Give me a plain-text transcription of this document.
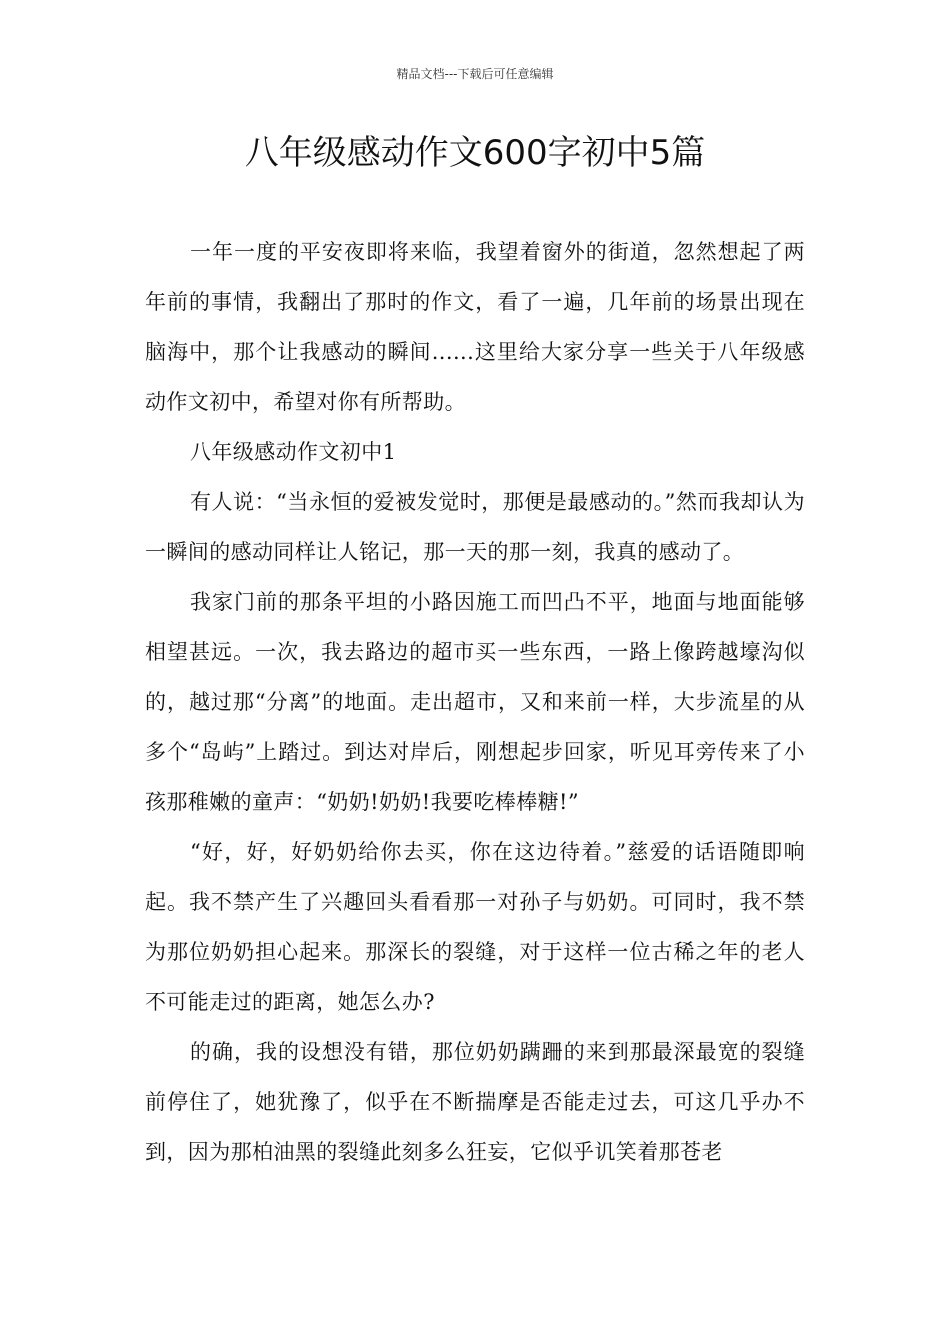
精品文档---下载后可任意编辑
八年级感动作文600字初中5篇

一年一度的平安夜即将来临，我望着窗外的街道，忽然想起了两年前的事情，我翻出了那时的作文，看了一遍，几年前的场景出现在脑海中，那个让我感动的瞬间......这里给大家分享一些关于八年级感动作文初中，希望对你有所帮助。

八年级感动作文初中1

有人说：“当永恒的爱被发觉时，那便是最感动的。”然而我却认为一瞬间的感动同样让人铭记，那一天的那一刻，我真的感动了。

我家门前的那条平坦的小路因施工而凹凸不平，地面与地面能够相望甚远。一次，我去路边的超市买一些东西，一路上像跨越壕沟似的，越过那“分离”的地面。走出超市，又和来前一样，大步流星的从多个“岛屿”上踏过。到达对岸后，刚想起步回家，听见耳旁传来了小孩那稚嫩的童声：“奶奶!奶奶!我要吃棒棒糖!”

“好，好，好奶奶给你去买，你在这边待着。”慈爱的话语随即响起。我不禁产生了兴趣回头看看那一对孙子与奶奶。可同时，我不禁为那位奶奶担心起来。那深长的裂缝，对于这样一位古稀之年的老人不可能走过的距离，她怎么办?

的确，我的设想没有错，那位奶奶蹒跚的来到那最深最宽的裂缝前停住了，她犹豫了，似乎在不断揣摩是否能走过去，可这几乎办不到，因为那柏油黑的裂缝此刻多么狂妄，它似乎讥笑着那苍老
